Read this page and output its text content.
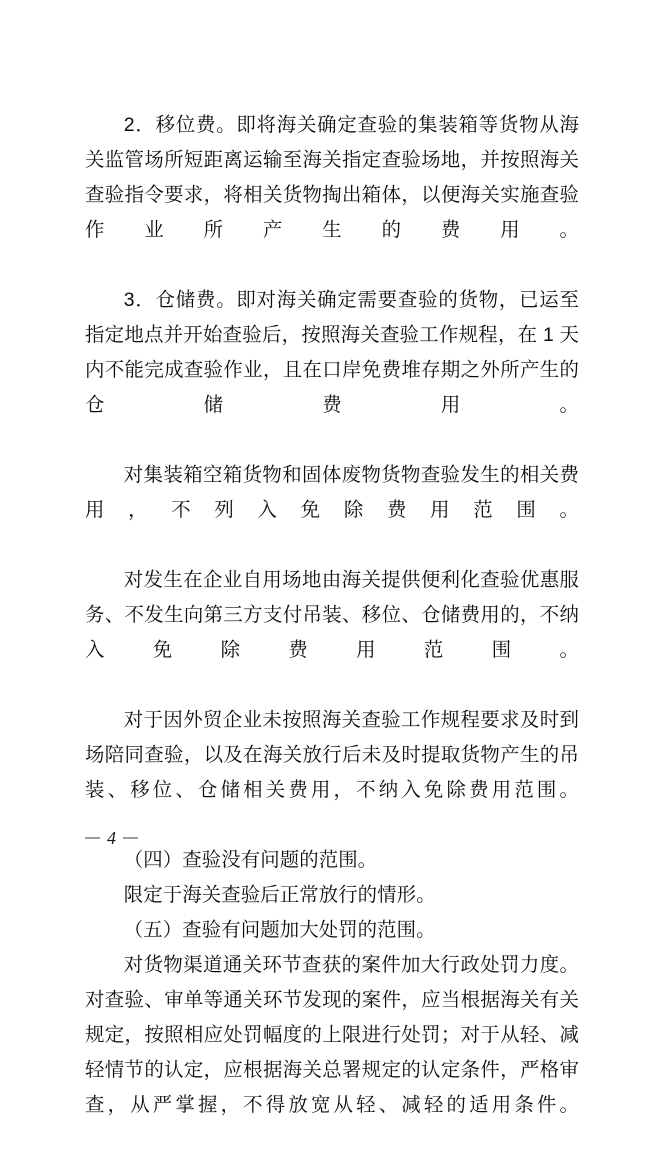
2．移位费。即将海关确定查验的集装箱等货物从海关监管场所短距离运输至海关指定查验场地，并按照海关查验指令要求，将相关货物掏出箱体，以便海关实施查验作业所产生的费用。

3．仓储费。即对海关确定需要查验的货物，已运至指定地点并开始查验后，按照海关查验工作规程，在 1 天内不能完成查验作业，且在口岸免费堆存期之外所产生的仓储费用。

对集装箱空箱货物和固体废物货物查验发生的相关费用，不列入免除费用范围。

对发生在企业自用场地由海关提供便利化查验优惠服务、不发生向第三方支付吊装、移位、仓储费用的，不纳入免除费用范围。

对于因外贸企业未按照海关查验工作规程要求及时到场陪同查验，以及在海关放行后未及时提取货物产生的吊装、移位、仓储相关费用，不纳入免除费用范围。

（四）查验没有问题的范围。

限定于海关查验后正常放行的情形。

（五）查验有问题加大处罚的范围。

对货物渠道通关环节查获的案件加大行政处罚力度。对查验、审单等通关环节发现的案件，应当根据海关有关规定，按照相应处罚幅度的上限进行处罚；对于从轻、减轻情节的认定，应根据海关总署规定的认定条件，严格审查，从严掌握，不得放宽从轻、减轻的适用条件。

— 4 —
